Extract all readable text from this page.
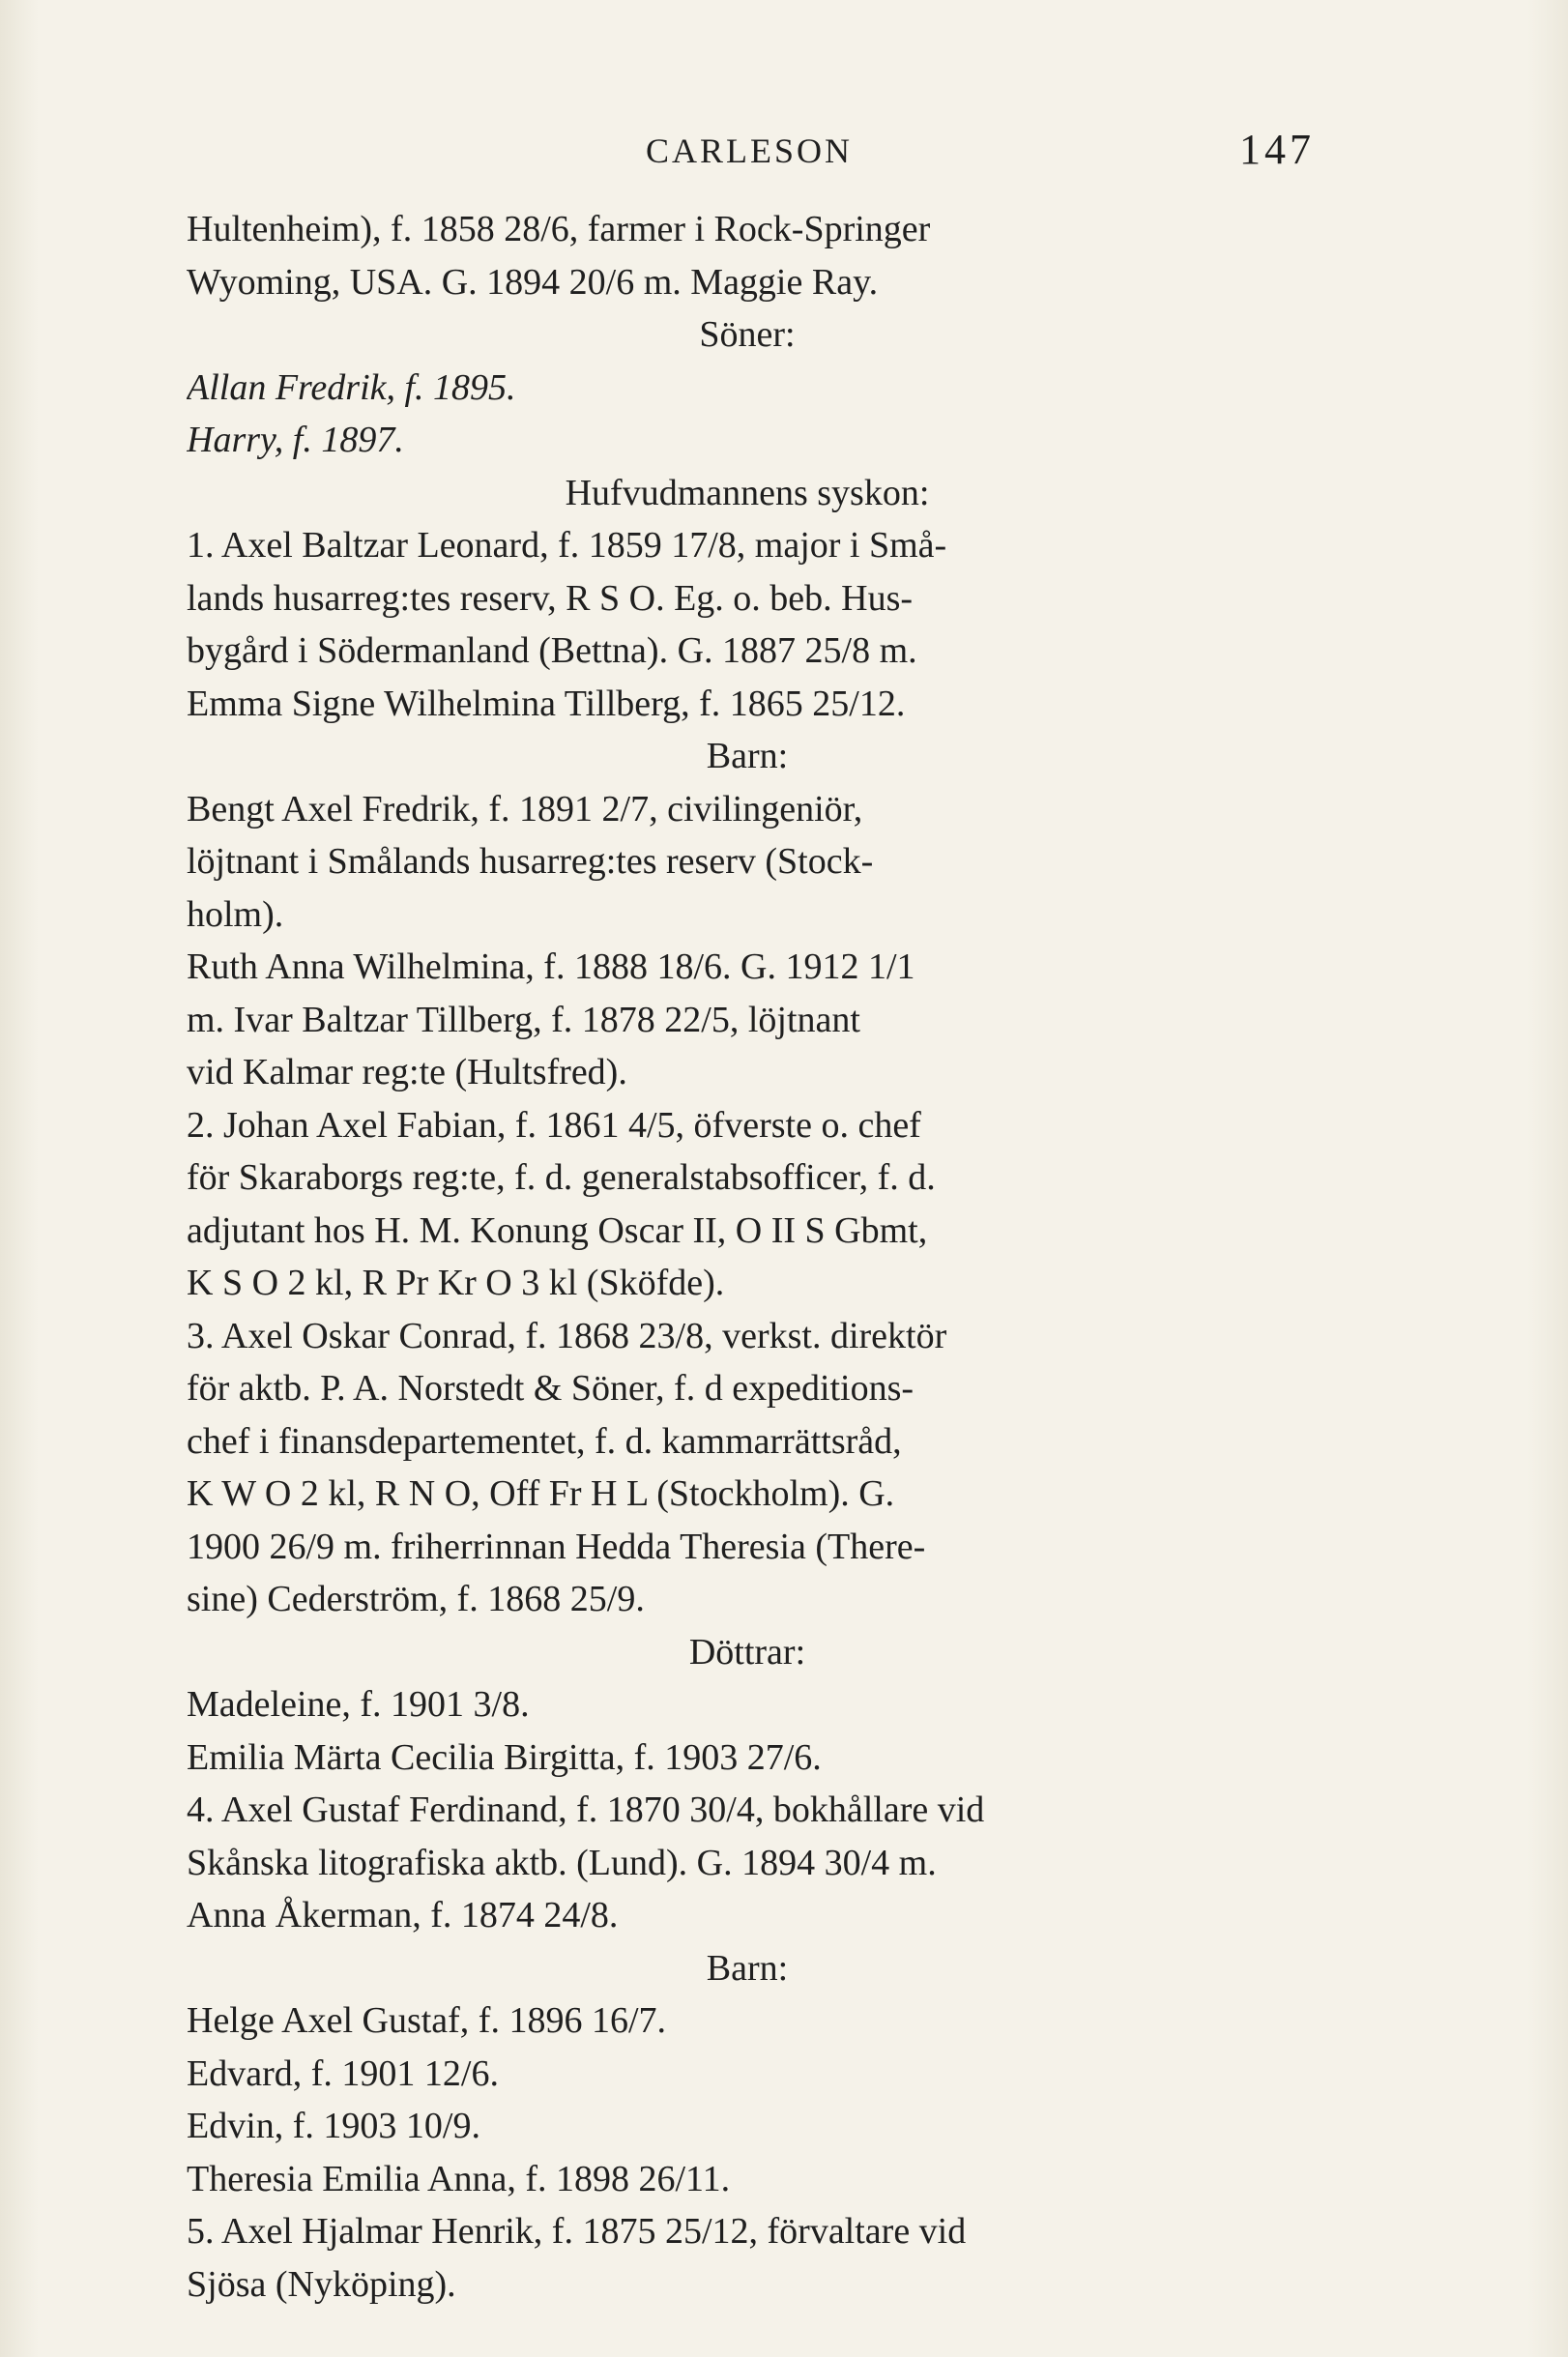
CARLESON	147
Hultenheim), f. 1858 28/6, farmer i Rock-Springer
Wyoming, USA. G. 1894 20/6 m. Maggie Ray.
Söner:
Allan Fredrik, f. 1895.
Harry, f. 1897.
Hufvudmannens syskon:
1. Axel Baltzar Leonard, f. 1859 17/8, major i Små-
lands husarreg:tes reserv, R S O. Eg. o. beb. Hus-
bygård i Södermanland (Bettna). G. 1887 25/8 m.
Emma Signe Wilhelmina Tillberg, f. 1865 25/12.
Barn:
Bengt Axel Fredrik, f. 1891 2/7, civilingeniör,
löjtnant i Smålands husarreg:tes reserv (Stock-
holm).
Ruth Anna Wilhelmina, f. 1888 18/6. G. 1912 1/1
m. Ivar Baltzar Tillberg, f. 1878 22/5, löjtnant
vid Kalmar reg:te (Hultsfred).
2. Johan Axel Fabian, f. 1861 4/5, öfverste o. chef
för Skaraborgs reg:te, f. d. generalstabsofficer, f. d.
adjutant hos H. M. Konung Oscar II, O II S Gbmt,
K S O 2 kl, R Pr Kr O 3 kl (Sköfde).
3. Axel Oskar Conrad, f. 1868 23/8, verkst. direktör
för aktb. P. A. Norstedt & Söner, f. d expeditions-
chef i finansdepartementet, f. d. kammarrättsråd,
K W O 2 kl, R N O, Off Fr H L (Stockholm). G.
1900 26/9 m. friherrinnan Hedda Theresia (There-
sine) Cederström, f. 1868 25/9.
Döttrar:
Madeleine, f. 1901 3/8.
Emilia Märta Cecilia Birgitta, f. 1903 27/6.
4. Axel Gustaf Ferdinand, f. 1870 30/4, bokhållare vid
Skånska litografiska aktb. (Lund). G. 1894 30/4 m.
Anna Åkerman, f. 1874 24/8.
Barn:
Helge Axel Gustaf, f. 1896 16/7.
Edvard, f. 1901 12/6.
Edvin, f. 1903 10/9.
Theresia Emilia Anna, f. 1898 26/11.
5. Axel Hjalmar Henrik, f. 1875 25/12, förvaltare vid
Sjösa (Nyköping).
